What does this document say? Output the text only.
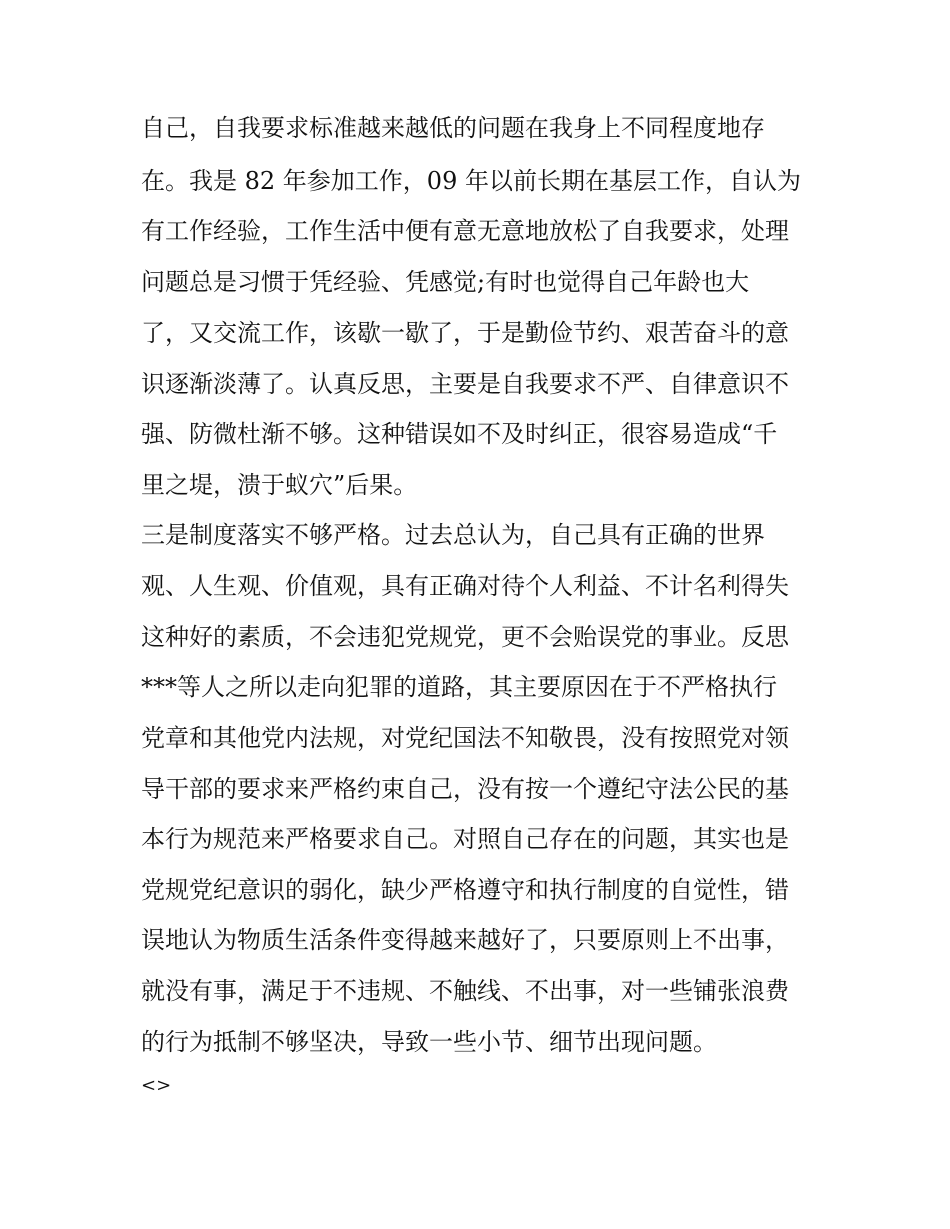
自己，自我要求标准越来越低的问题在我身上不同程度地存
在。我是 82 年参加工作，09 年以前长期在基层工作，自认为
有工作经验，工作生活中便有意无意地放松了自我要求，处理
问题总是习惯于凭经验、凭感觉;有时也觉得自己年龄也大
了，又交流工作，该歇一歇了，于是勤俭节约、艰苦奋斗的意
识逐渐淡薄了。认真反思，主要是自我要求不严、自律意识不
强、防微杜渐不够。这种错误如不及时纠正，很容易造成“千
里之堤，溃于蚁穴”后果。
三是制度落实不够严格。过去总认为，自己具有正确的世界
观、人生观、价值观，具有正确对待个人利益、不计名利得失
这种好的素质，不会违犯党规党，更不会贻误党的事业。反思
***等人之所以走向犯罪的道路，其主要原因在于不严格执行
党章和其他党内法规，对党纪国法不知敬畏，没有按照党对领
导干部的要求来严格约束自己，没有按一个遵纪守法公民的基
本行为规范来严格要求自己。对照自己存在的问题，其实也是
党规党纪意识的弱化，缺少严格遵守和执行制度的自觉性，错
误地认为物质生活条件变得越来越好了，只要原则上不出事，
就没有事，满足于不违规、不触线、不出事，对一些铺张浪费
的行为抵制不够坚决，导致一些小节、细节出现问题。
<>
